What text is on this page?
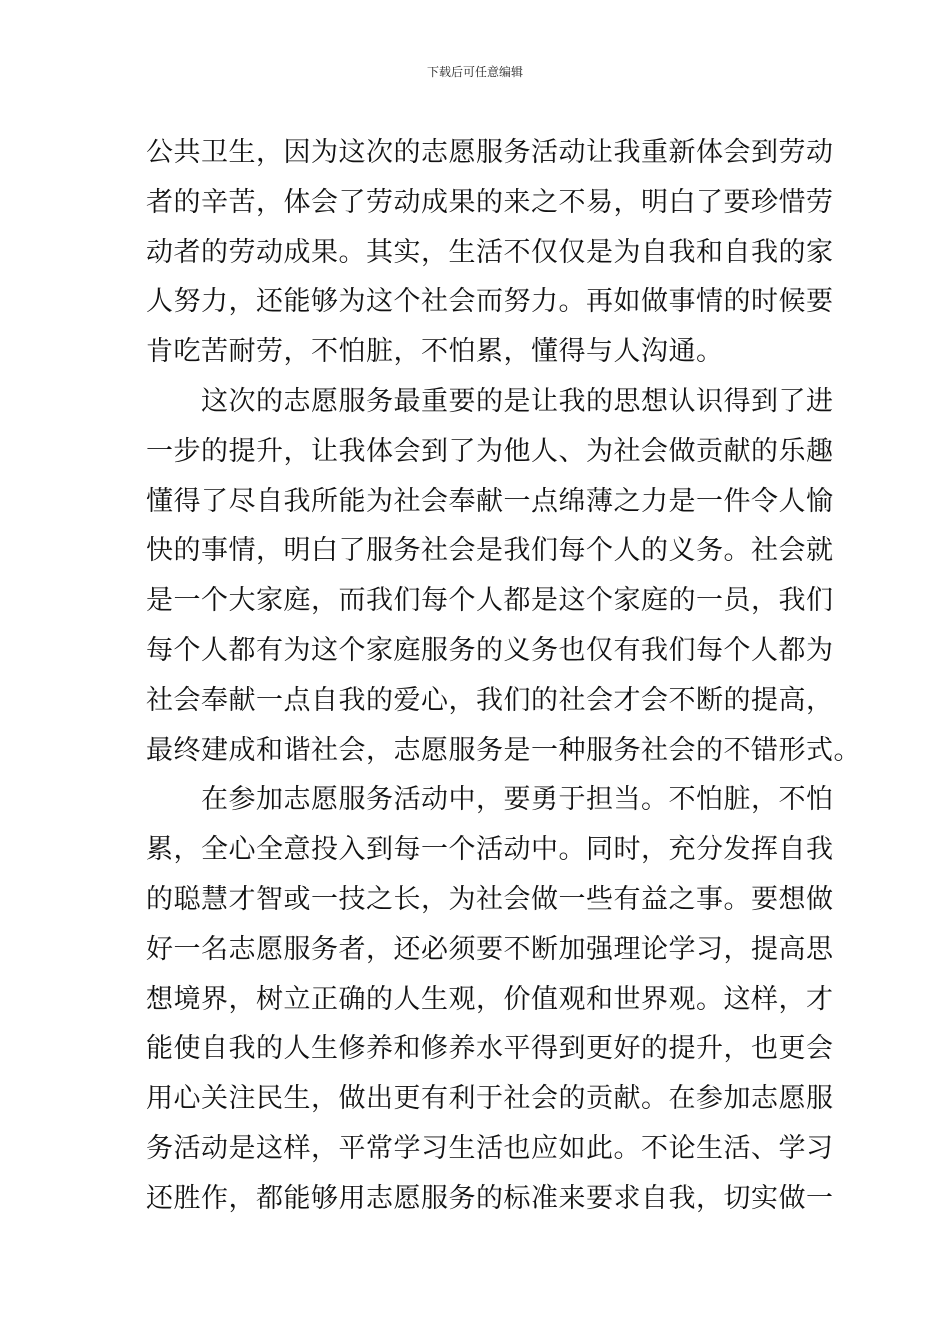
下载后可任意编辑
公共卫生，因为这次的志愿服务活动让我重新体会到劳动
者的辛苦，体会了劳动成果的来之不易，明白了要珍惜劳
动者的劳动成果。其实，生活不仅仅是为自我和自我的家
人努力，还能够为这个社会而努力。再如做事情的时候要
肯吃苦耐劳，不怕脏，不怕累，懂得与人沟通。
这次的志愿服务最重要的是让我的思想认识得到了进
一步的提升，让我体会到了为他人、为社会做贡献的乐趣
懂得了尽自我所能为社会奉献一点绵薄之力是一件令人愉
快的事情，明白了服务社会是我们每个人的义务。社会就
是一个大家庭，而我们每个人都是这个家庭的一员，我们
每个人都有为这个家庭服务的义务也仅有我们每个人都为
社会奉献一点自我的爱心，我们的社会才会不断的提高，
最终建成和谐社会，志愿服务是一种服务社会的不错形式。
在参加志愿服务活动中，要勇于担当。不怕脏，不怕
累，全心全意投入到每一个活动中。同时，充分发挥自我
的聪慧才智或一技之长，为社会做一些有益之事。要想做
好一名志愿服务者，还必须要不断加强理论学习，提高思
想境界，树立正确的人生观，价值观和世界观。这样，才
能使自我的人生修养和修养水平得到更好的提升，也更会
用心关注民生，做出更有利于社会的贡献。在参加志愿服
务活动是这样，平常学习生活也应如此。不论生活、学习
还胜作，都能够用志愿服务的标准来要求自我，切实做一
